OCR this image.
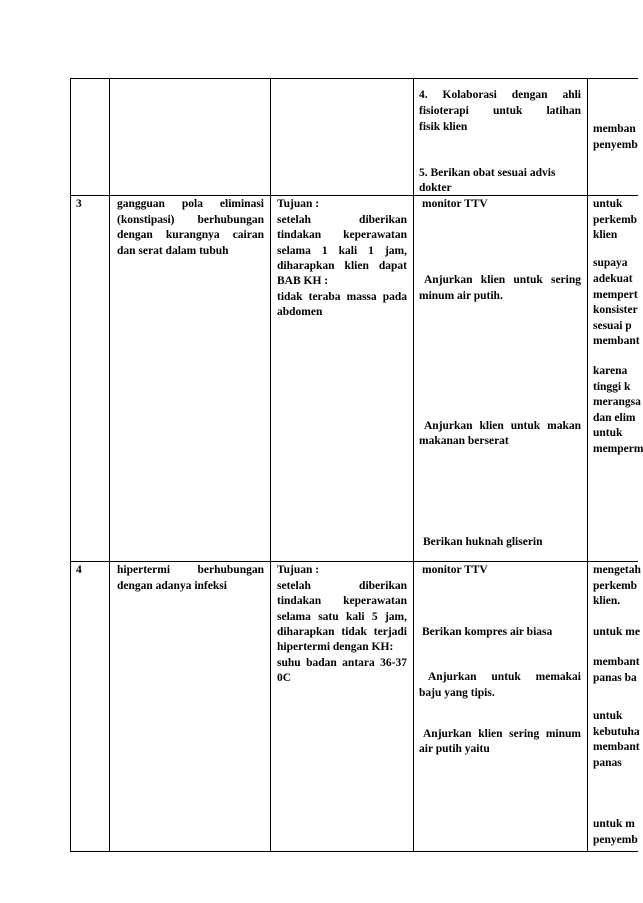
4. Kolaborasi dengan ahli
fisioterapi untuk latihan
fisik klien
5. Berikan obat sesuai advis
dokter
memban
penyemb
3	gangguan pola eliminasi
(konstipasi) berhubungan
dengan kurangnya cairan
dan serat dalam tubuh
Tujuan :
setelah diberikan
tindakan keperawatan
selama 1 kali 1 jam,
diharapkan klien dapat
BAB KH :
tidak teraba massa pada
abdomen
monitor TTV
Anjurkan klien untuk sering
minum air putih.
Anjurkan klien untuk makan
makanan berserat
Berikan huknah gliserin
untuk
perkemb
klien
supaya
adekuat
mempert
konsister
sesuai p
membant
karena
tinggi k
merangsa
dan elim
untuk
memperm
4	hipertermi berhubungan
dengan adanya infeksi
Tujuan :
setelah diberikan
tindakan keperawatan
selama satu kali 5 jam,
diharapkan tidak terjadi
hipertermi dengan KH:
suhu badan antara 36-37
0C
monitor TTV
Berikan kompres air biasa
Anjurkan untuk memakai
baju yang tipis.
Anjurkan klien sering minum
air putih yaitu
mengetah
perkemb
klien.
untuk me
membant
panas ba
untuk
kebutuha
membant
panas
untuk m
penyemb
